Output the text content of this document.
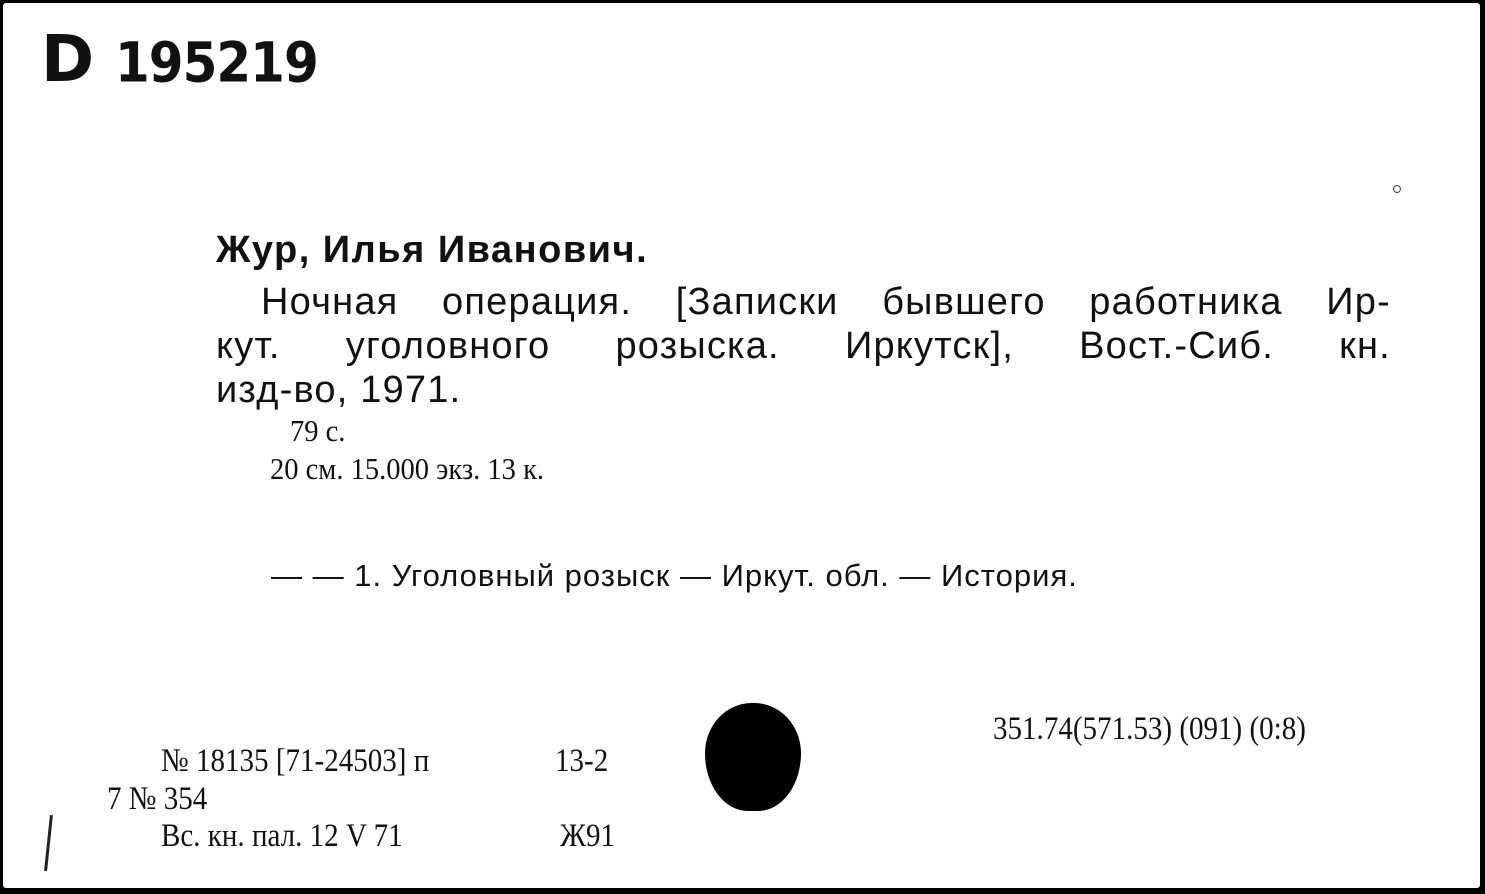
D 195219
Жур, Илья Иванович.
Ночная операция. [Записки бывшего работника Ир-
кут. уголовного розыска. Иркутск], Вост.-Сиб. кн.
изд-во, 1971.
79 с.
20 см. 15.000 экз. 13 к.
— — 1. Уголовный розыск — Иркут. обл. — История.
351.74(571.53) (091) (0:8)
№ 18135 [71-24503] п	13-2
7 № 354
Вс. кн. пал. 12 V 71	Ж91
